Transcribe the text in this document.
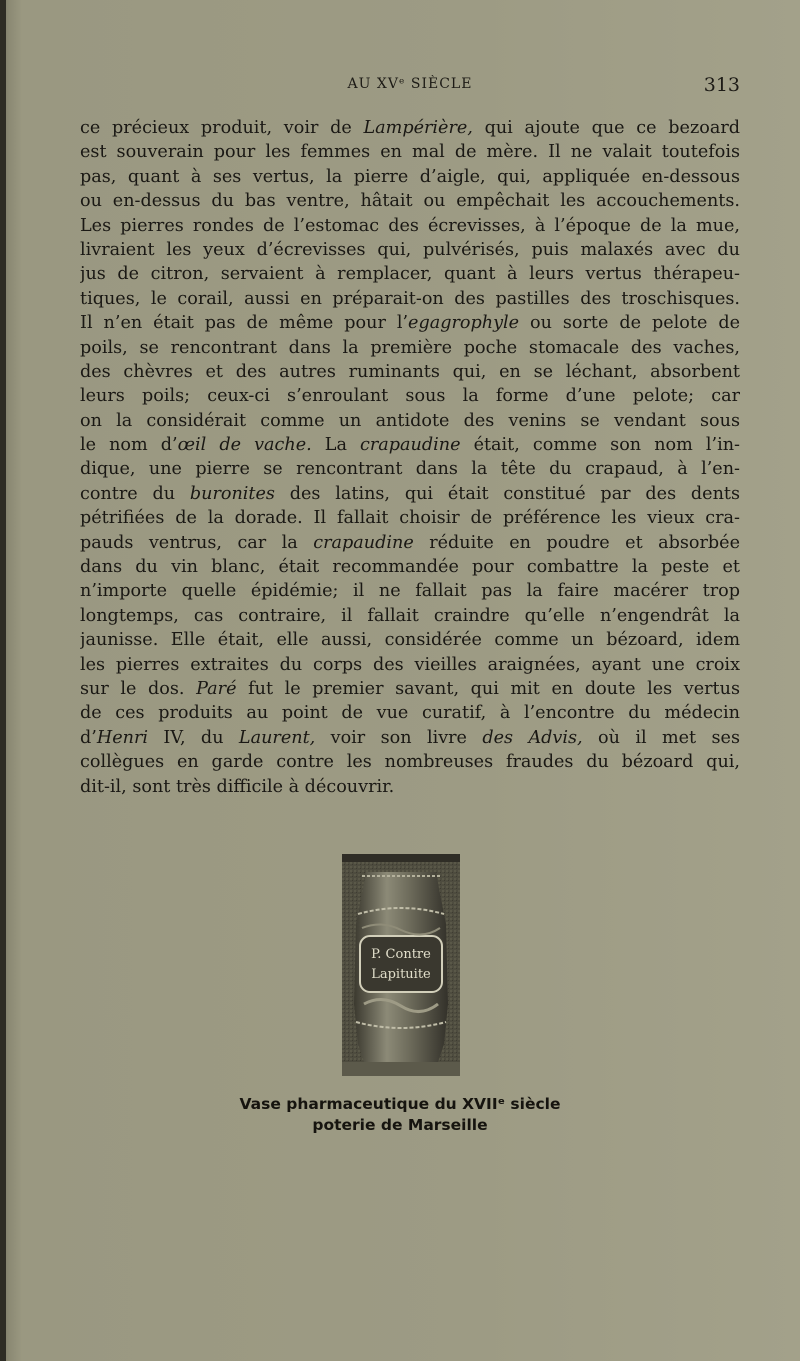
AU XVᵉ SIÈCLE	313
ce précieux produit, voir de Lampérière, qui ajoute que ce bezoard
est souverain pour les femmes en mal de mère. Il ne valait toutefois
pas, quant à ses vertus, la pierre d’aigle, qui, appliquée en-dessous
ou en-dessus du bas ventre, hâtait ou empêchait les accouchements.
Les pierres rondes de l’estomac des écrevisses, à l’époque de la mue,
livraient les yeux d’écrevisses qui, pulvérisés, puis malaxés avec du
jus de citron, servaient à remplacer, quant à leurs vertus thérapeu-
tiques, le corail, aussi en préparait-on des pastilles des troschisques.
Il n’en était pas de même pour l’egagrophyle ou sorte de pelote de
poils, se rencontrant dans la première poche stomacale des vaches,
des chèvres et des autres ruminants qui, en se léchant, absorbent
leurs poils; ceux-ci s’enroulant sous la forme d’une pelote; car
on la considérait comme un antidote des venins se vendant sous
le nom d’œil de vache. La crapaudine était, comme son nom l’in-
dique, une pierre se rencontrant dans la tête du crapaud, à l’en-
contre du buronites des latins, qui était constitué par des dents
pétrifiées de la dorade. Il fallait choisir de préférence les vieux cra-
pauds ventrus, car la crapaudine réduite en poudre et absorbée
dans du vin blanc, était recommandée pour combattre la peste et
n’importe quelle épidémie; il ne fallait pas la faire macérer trop
longtemps, cas contraire, il fallait craindre qu’elle n’engendrât la
jaunisse. Elle était, elle aussi, considérée comme un bézoard, idem
les pierres extraites du corps des vieilles araignées, ayant une croix
sur le dos. Paré fut le premier savant, qui mit en doute les vertus
de ces produits au point de vue curatif, à l’encontre du médecin
d’Henri IV, du Laurent, voir son livre des Advis, où il met ses
collègues en garde contre les nombreuses fraudes du bézoard qui,
dit-il, sont très difficile à découvrir.
P. Contre
Lapituite
Vase pharmaceutique du XVIIᵉ siècle
poterie de Marseille
